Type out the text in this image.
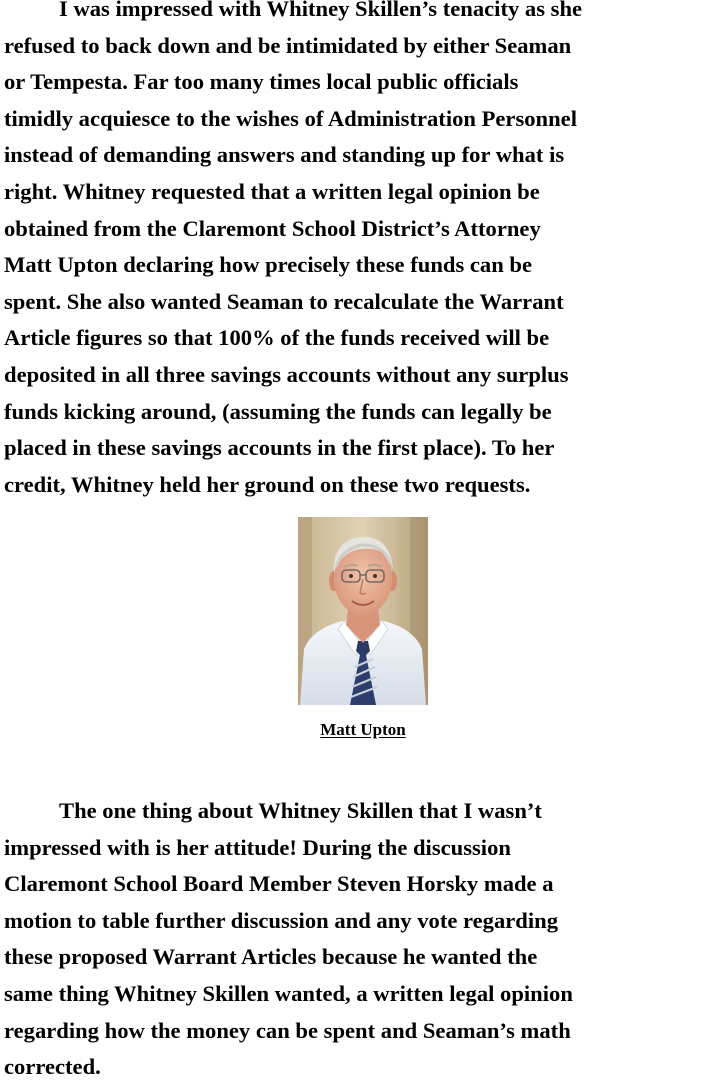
I was impressed with Whitney Skillen’s tenacity as she
refused to back down and be intimidated by either Seaman
or Tempesta. Far too many times local public officials
timidly acquiesce to the wishes of Administration Personnel
instead of demanding answers and standing up for what is
right. Whitney requested that a written legal opinion be
obtained from the Claremont School District’s Attorney
Matt Upton declaring how precisely these funds can be
spent. She also wanted Seaman to recalculate the Warrant
Article figures so that 100% of the funds received will be
deposited in all three savings accounts without any surplus
funds kicking around, (assuming the funds can legally be
placed in these savings accounts in the first place). To her
credit, Whitney held her ground on these two requests.

Matt Upton

The one thing about Whitney Skillen that I wasn’t
impressed with is her attitude! During the discussion
Claremont School Board Member Steven Horsky made a
motion to table further discussion and any vote regarding
these proposed Warrant Articles because he wanted the
same thing Whitney Skillen wanted, a written legal opinion
regarding how the money can be spent and Seaman’s math
corrected.
